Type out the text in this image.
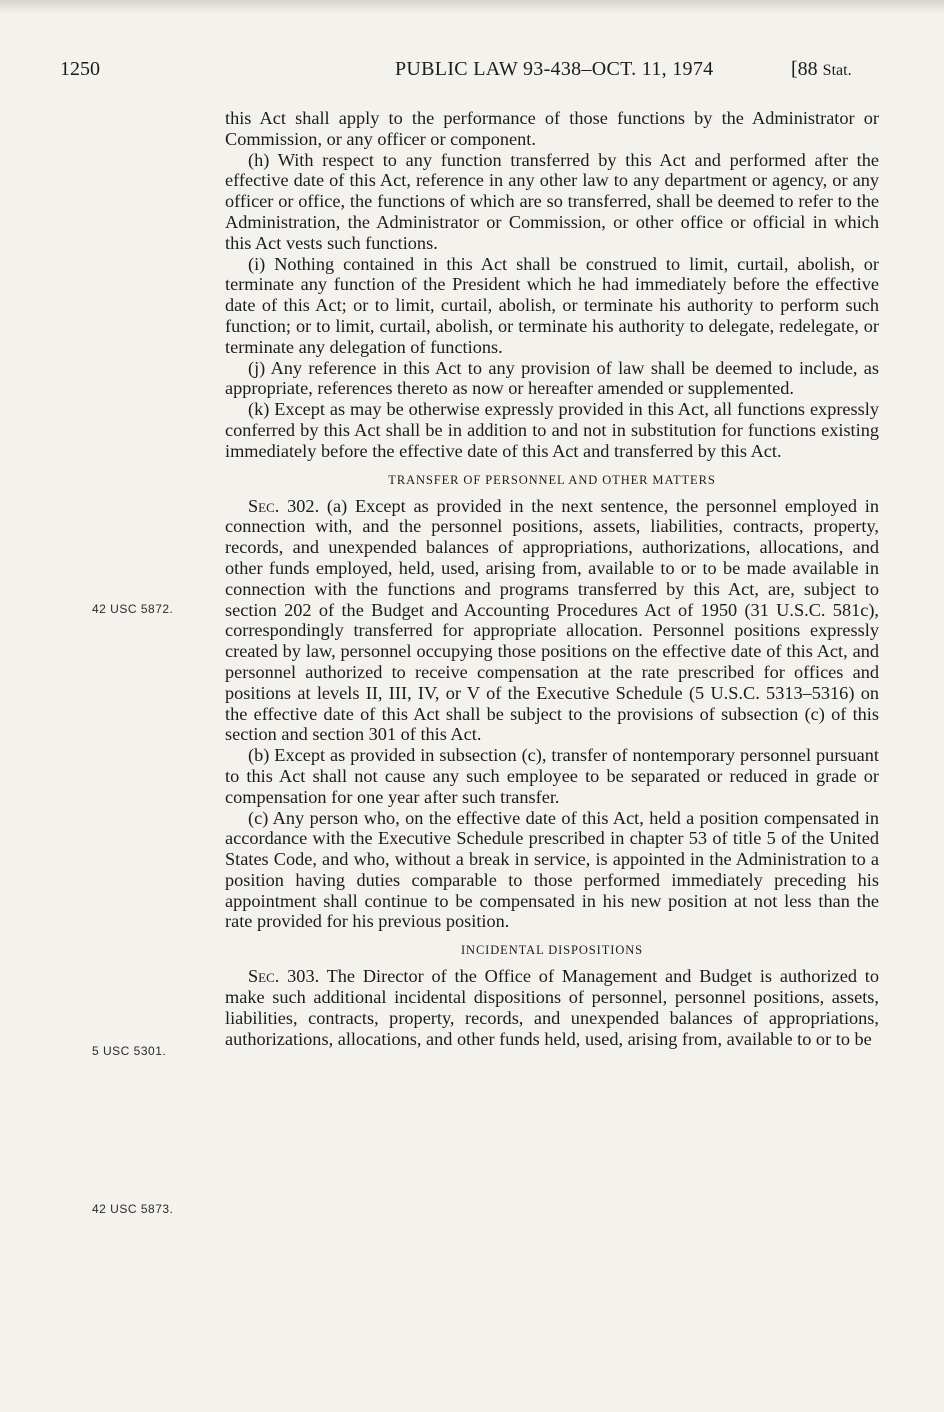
1250	PUBLIC LAW 93-438–OCT. 11, 1974	[88 Stat.
42 USC 5872.
5 USC 5301.
42 USC 5873.

this Act shall apply to the performance of those functions by the Administrator or Commission, or any officer or component.

(h) With respect to any function transferred by this Act and performed after the effective date of this Act, reference in any other law to any department or agency, or any officer or office, the functions of which are so transferred, shall be deemed to refer to the Administration, the Administrator or Commission, or other office or official in which this Act vests such functions.

(i) Nothing contained in this Act shall be construed to limit, curtail, abolish, or terminate any function of the President which he had immediately before the effective date of this Act; or to limit, curtail, abolish, or terminate his authority to perform such function; or to limit, curtail, abolish, or terminate his authority to delegate, redelegate, or terminate any delegation of functions.

(j) Any reference in this Act to any provision of law shall be deemed to include, as appropriate, references thereto as now or hereafter amended or supplemented.

(k) Except as may be otherwise expressly provided in this Act, all functions expressly conferred by this Act shall be in addition to and not in substitution for functions existing immediately before the effective date of this Act and transferred by this Act.

TRANSFER OF PERSONNEL AND OTHER MATTERS

Sec. 302. (a) Except as provided in the next sentence, the personnel employed in connection with, and the personnel positions, assets, liabilities, contracts, property, records, and unexpended balances of appropriations, authorizations, allocations, and other funds employed, held, used, arising from, available to or to be made available in connection with the functions and programs transferred by this Act, are, subject to section 202 of the Budget and Accounting Procedures Act of 1950 (31 U.S.C. 581c), correspondingly transferred for appropriate allocation. Personnel positions expressly created by law, personnel occupying those positions on the effective date of this Act, and personnel authorized to receive compensation at the rate prescribed for offices and positions at levels II, III, IV, or V of the Executive Schedule (5 U.S.C. 5313–5316) on the effective date of this Act shall be subject to the provisions of subsection (c) of this section and section 301 of this Act.

(b) Except as provided in subsection (c), transfer of nontemporary personnel pursuant to this Act shall not cause any such employee to be separated or reduced in grade or compensation for one year after such transfer.

(c) Any person who, on the effective date of this Act, held a position compensated in accordance with the Executive Schedule prescribed in chapter 53 of title 5 of the United States Code, and who, without a break in service, is appointed in the Administration to a position having duties comparable to those performed immediately preceding his appointment shall continue to be compensated in his new position at not less than the rate provided for his previous position.

INCIDENTAL DISPOSITIONS

Sec. 303. The Director of the Office of Management and Budget is authorized to make such additional incidental dispositions of personnel, personnel positions, assets, liabilities, contracts, property, records, and unexpended balances of appropriations, authorizations, allocations, and other funds held, used, arising from, available to or to be
